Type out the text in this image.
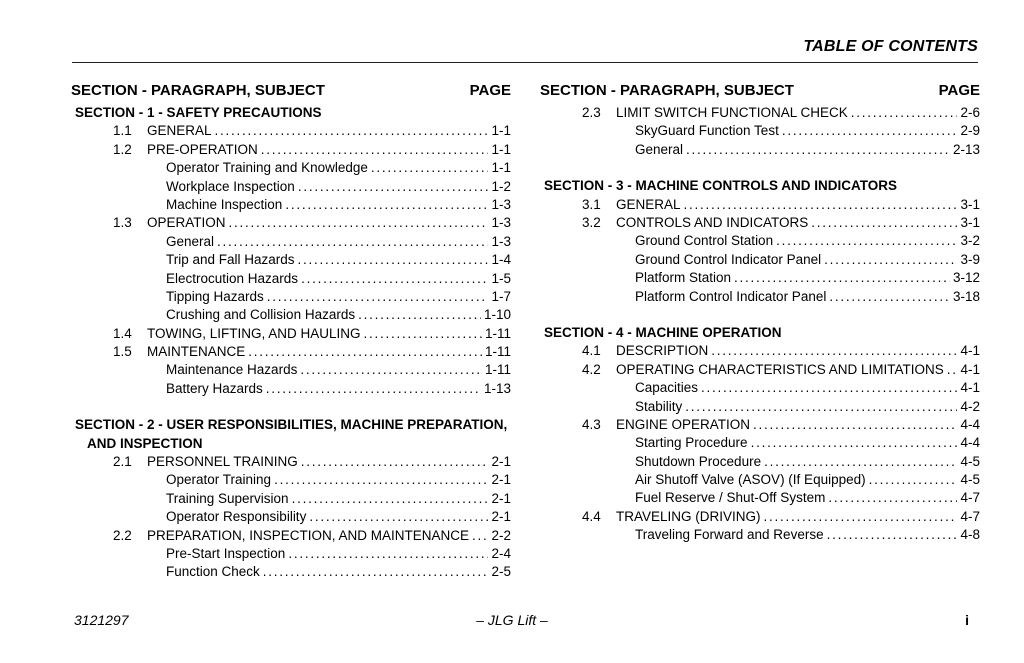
TABLE OF CONTENTS
SECTION - PARAGRAPH, SUBJECT	PAGE
SECTION - 1 - SAFETY PRECAUTIONS
1.1	GENERAL . . .	1-1
1.2	PRE-OPERATION . . .	1-1
Operator Training and Knowledge . . .	1-1
Workplace Inspection . . .	1-2
Machine Inspection . . .	1-3
1.3	OPERATION . . .	1-3
General . . .	1-3
Trip and Fall Hazards . . .	1-4
Electrocution Hazards . . .	1-5
Tipping Hazards . . .	1-7
Crushing and Collision Hazards . . .	1-10
1.4	TOWING, LIFTING, AND HAULING . . .	1-11
1.5	MAINTENANCE . . .	1-11
Maintenance Hazards . . .	1-11
Battery Hazards . . .	1-13
SECTION - 2 - USER RESPONSIBILITIES, MACHINE PREPARATION,
AND INSPECTION
2.1	PERSONNEL TRAINING . . .	2-1
Operator Training . . .	2-1
Training Supervision . . .	2-1
Operator Responsibility . . .	2-1
2.2	PREPARATION, INSPECTION, AND MAINTENANCE . . . 2-2
Pre-Start Inspection . . .	2-4
Function Check . . .	2-5
SECTION - PARAGRAPH, SUBJECT	PAGE
2.3	LIMIT SWITCH FUNCTIONAL CHECK . . .	2-6
SkyGuard Function Test . . .	2-9
General . . .	2-13
SECTION - 3 - MACHINE CONTROLS AND INDICATORS
3.1	GENERAL . . .	3-1
3.2	CONTROLS AND INDICATORS . . .	3-1
Ground Control Station . . .	3-2
Ground Control Indicator Panel . . .	3-9
Platform Station . . .	3-12
Platform Control Indicator Panel . . .	3-18
SECTION - 4 - MACHINE OPERATION
4.1	DESCRIPTION . . .	4-1
4.2	OPERATING CHARACTERISTICS AND LIMITATIONS . . . 4-1
Capacities . . .	4-1
Stability . . .	4-2
4.3	ENGINE OPERATION . . .	4-4
Starting Procedure . . .	4-4
Shutdown Procedure . . .	4-5
Air Shutoff Valve (ASOV) (If Equipped) . . .	4-5
Fuel Reserve / Shut-Off System . . .	4-7
4.4	TRAVELING (DRIVING) . . .	4-7
Traveling Forward and Reverse . . .	4-8
3121297	– JLG Lift –	i
